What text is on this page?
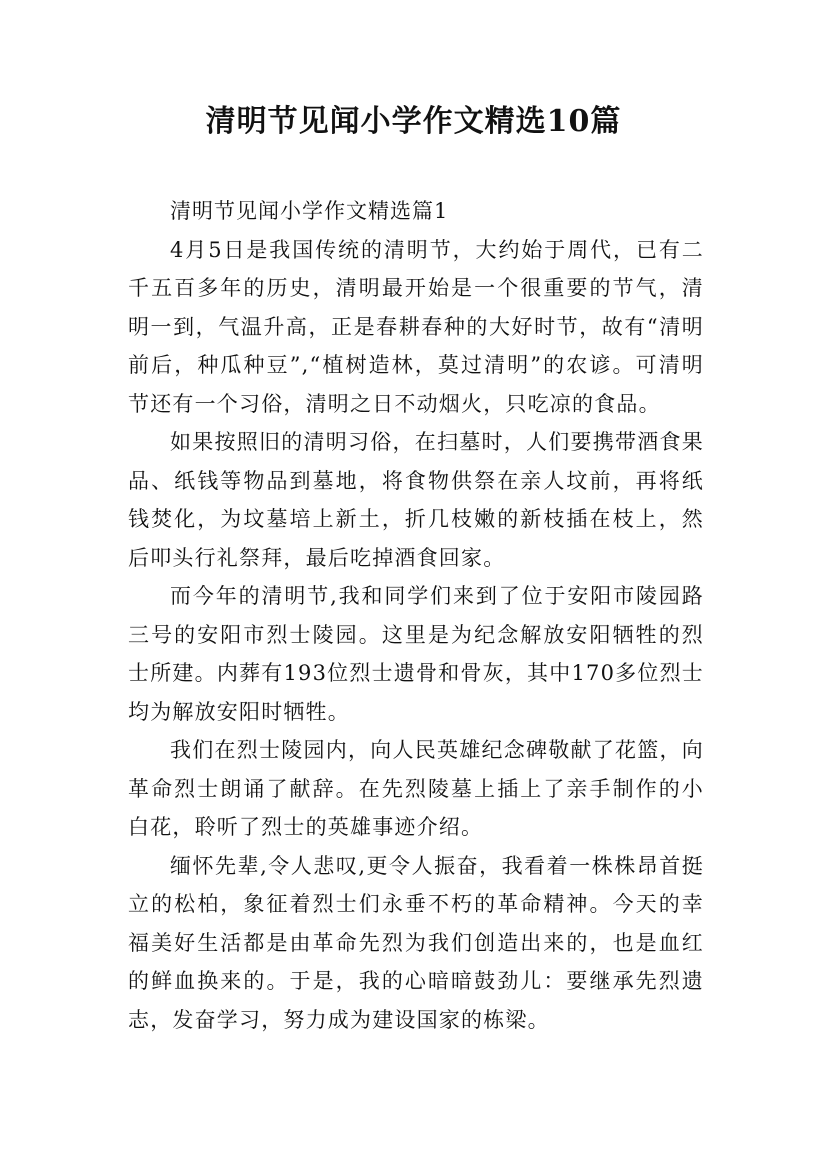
清明节见闻小学作文精选10篇

清明节见闻小学作文精选篇1

4月5日是我国传统的清明节，大约始于周代，已有二千五百多年的历史，清明最开始是一个很重要的节气，清明一到，气温升高，正是春耕春种的大好时节，故有“清明前后，种瓜种豆”,“植树造林，莫过清明”的农谚。可清明节还有一个习俗，清明之日不动烟火，只吃凉的食品。

如果按照旧的清明习俗，在扫墓时，人们要携带酒食果品、纸钱等物品到墓地，将食物供祭在亲人坟前，再将纸钱焚化，为坟墓培上新土，折几枝嫩的新枝插在枝上，然后叩头行礼祭拜，最后吃掉酒食回家。

而今年的清明节,我和同学们来到了位于安阳市陵园路三号的安阳市烈士陵园。这里是为纪念解放安阳牺牲的烈士所建。内葬有193位烈士遗骨和骨灰，其中170多位烈士均为解放安阳时牺牲。

我们在烈士陵园内，向人民英雄纪念碑敬献了花篮，向革命烈士朗诵了献辞。在先烈陵墓上插上了亲手制作的小白花，聆听了烈士的英雄事迹介绍。

缅怀先辈,令人悲叹,更令人振奋，我看着一株株昂首挺立的松柏，象征着烈士们永垂不朽的革命精神。今天的幸福美好生活都是由革命先烈为我们创造出来的，也是血红的鲜血换来的。于是，我的心暗暗鼓劲儿：要继承先烈遗志，发奋学习，努力成为建设国家的栋梁。
